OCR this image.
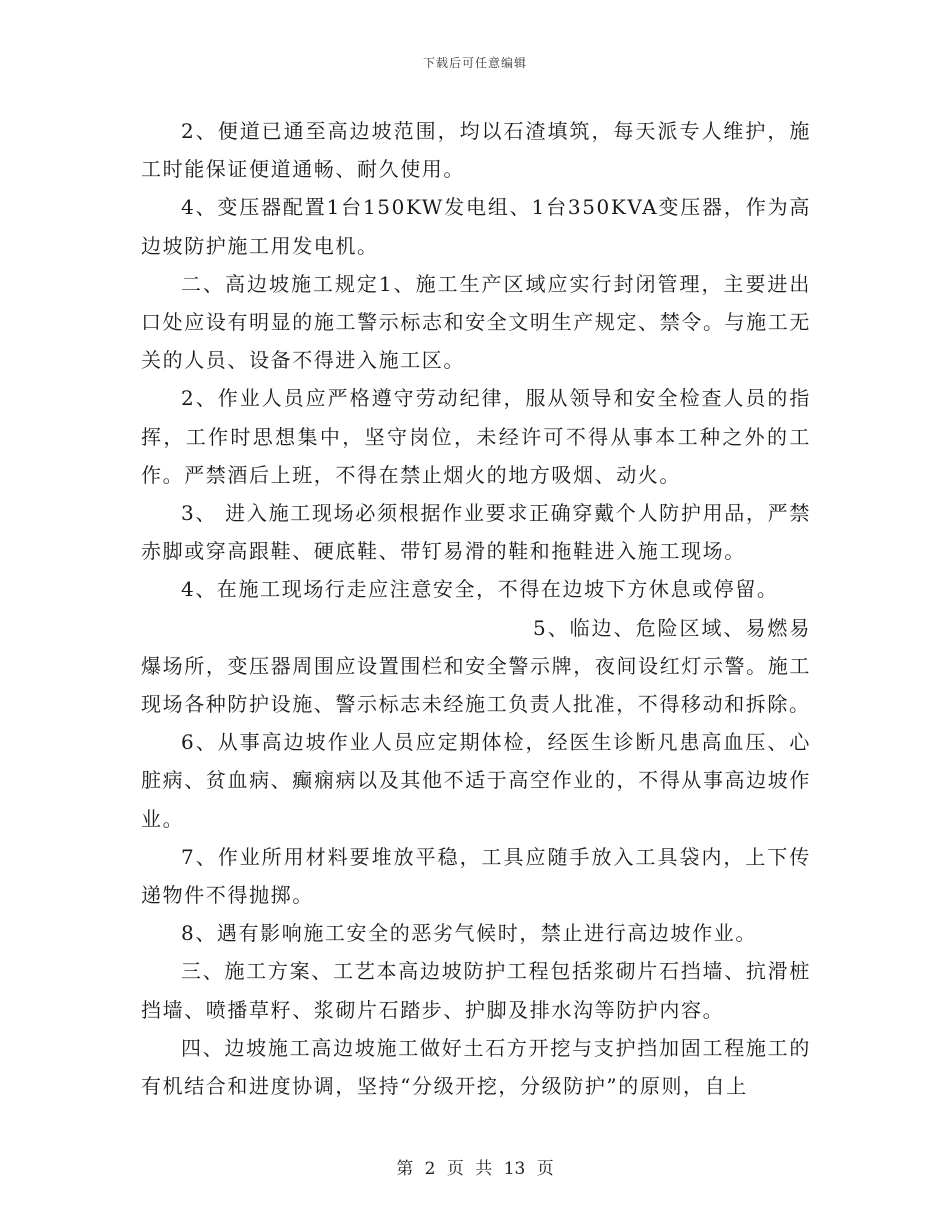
下载后可任意编辑

2、便道已通至高边坡范围，均以石渣填筑，每天派专人维护，施工时能保证便道通畅、耐久使用。

4、变压器配置1台150KW发电组、1台350KVA变压器，作为高边坡防护施工用发电机。

二、高边坡施工规定1、施工生产区域应实行封闭管理，主要进出口处应设有明显的施工警示标志和安全文明生产规定、禁令。与施工无关的人员、设备不得进入施工区。

2、作业人员应严格遵守劳动纪律，服从领导和安全检查人员的指挥，工作时思想集中，坚守岗位，未经许可不得从事本工种之外的工作。严禁酒后上班，不得在禁止烟火的地方吸烟、动火。

3、 进入施工现场必须根据作业要求正确穿戴个人防护用品，严禁赤脚或穿高跟鞋、硬底鞋、带钉易滑的鞋和拖鞋进入施工现场。

4、在施工现场行走应注意安全，不得在边坡下方休息或停留。

5、临边、危险区域、易燃易爆场所，变压器周围应设置围栏和安全警示牌，夜间设红灯示警。施工现场各种防护设施、警示标志未经施工负责人批准，不得移动和拆除。

6、从事高边坡作业人员应定期体检，经医生诊断凡患高血压、心脏病、贫血病、癫痫病以及其他不适于高空作业的，不得从事高边坡作业。

7、作业所用材料要堆放平稳，工具应随手放入工具袋内，上下传递物件不得抛掷。

8、遇有影响施工安全的恶劣气候时，禁止进行高边坡作业。

三、施工方案、工艺本高边坡防护工程包括浆砌片石挡墙、抗滑桩挡墙、喷播草籽、浆砌片石踏步、护脚及排水沟等防护内容。

四、边坡施工高边坡施工做好土石方开挖与支护挡加固工程施工的有机结合和进度协调，坚持“分级开挖，分级防护”的原则，自上

第 2 页 共 13 页
